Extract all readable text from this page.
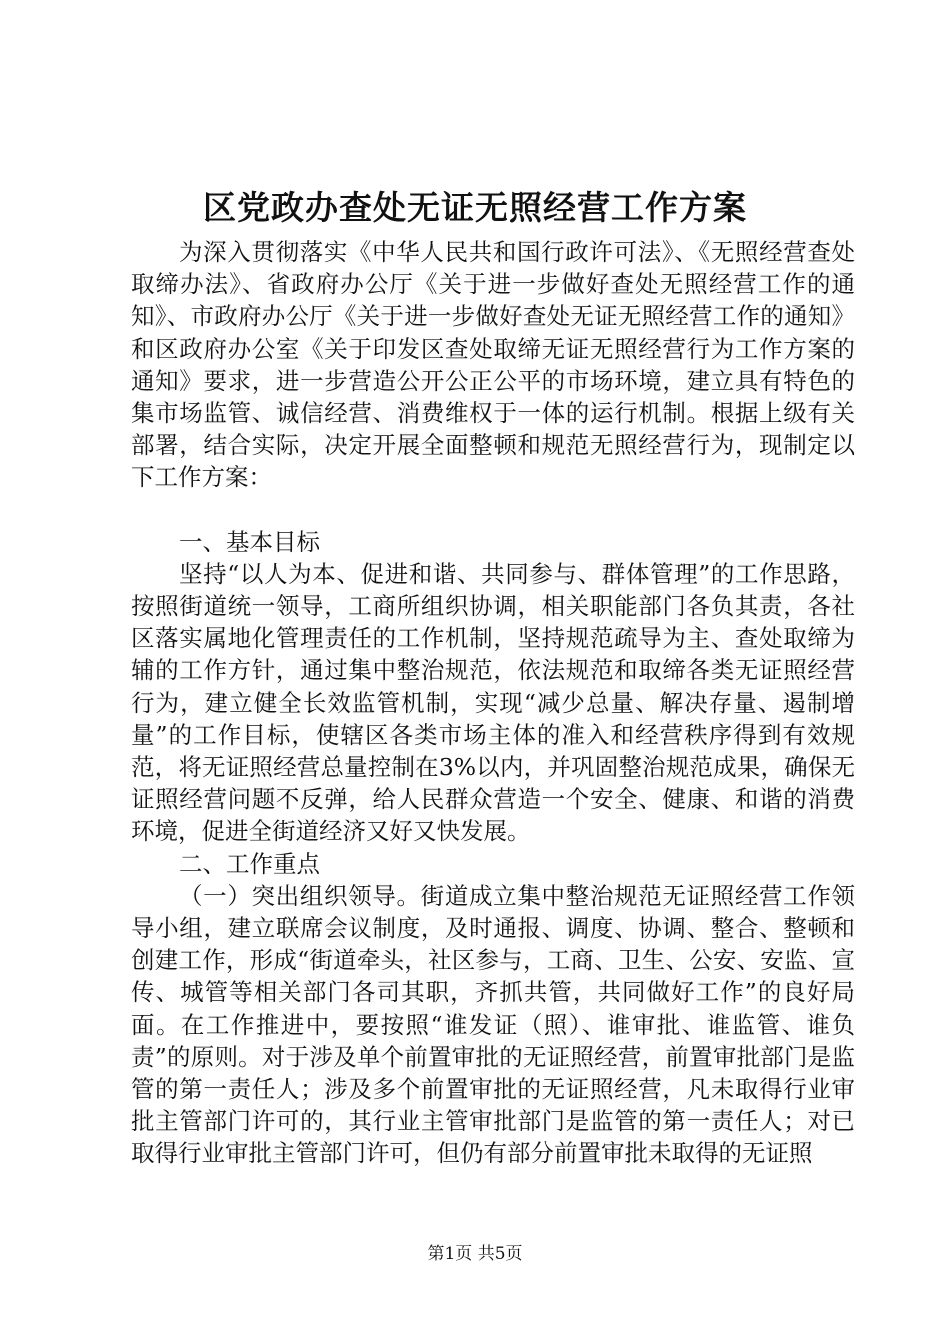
区党政办查处无证无照经营工作方案

为深入贯彻落实《中华人民共和国行政许可法》、《无照经营查处取缔办法》、省政府办公厅《关于进一步做好查处无照经营工作的通知》、市政府办公厅《关于进一步做好查处无证无照经营工作的通知》和区政府办公室《关于印发区查处取缔无证无照经营行为工作方案的通知》要求，进一步营造公开公正公平的市场环境，建立具有特色的集市场监管、诚信经营、消费维权于一体的运行机制。根据上级有关部署，结合实际，决定开展全面整顿和规范无照经营行为，现制定以下工作方案：

一、基本目标

坚持“以人为本、促进和谐、共同参与、群体管理”的工作思路，按照街道统一领导，工商所组织协调，相关职能部门各负其责，各社区落实属地化管理责任的工作机制，坚持规范疏导为主、查处取缔为辅的工作方针，通过集中整治规范，依法规范和取缔各类无证照经营行为，建立健全长效监管机制，实现“减少总量、解决存量、遏制增量”的工作目标，使辖区各类市场主体的准入和经营秩序得到有效规范，将无证照经营总量控制在3%以内，并巩固整治规范成果，确保无证照经营问题不反弹，给人民群众营造一个安全、健康、和谐的消费环境，促进全街道经济又好又快发展。

二、工作重点

（一）突出组织领导。街道成立集中整治规范无证照经营工作领导小组，建立联席会议制度，及时通报、调度、协调、整合、整顿和创建工作，形成“街道牵头，社区参与，工商、卫生、公安、安监、宣传、城管等相关部门各司其职，齐抓共管，共同做好工作”的良好局面。在工作推进中，要按照“谁发证（照）、谁审批、谁监管、谁负责”的原则。对于涉及单个前置审批的无证照经营，前置审批部门是监管的第一责任人；涉及多个前置审批的无证照经营，凡未取得行业审批主管部门许可的，其行业主管审批部门是监管的第一责任人；对已取得行业审批主管部门许可，但仍有部分前置审批未取得的无证照

第1页 共5页
